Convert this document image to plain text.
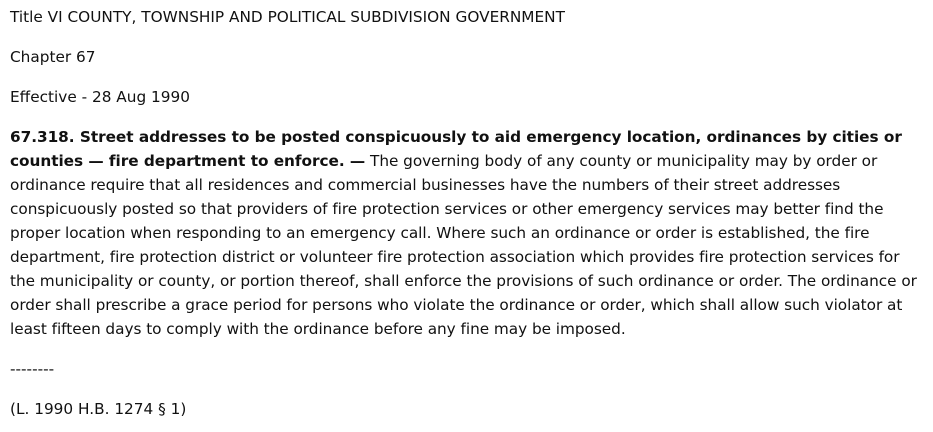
Title VI COUNTY, TOWNSHIP AND POLITICAL SUBDIVISION GOVERNMENT
Chapter 67
Effective - 28 Aug 1990
67.318. Street addresses to be posted conspicuously to aid emergency location, ordinances by cities or counties — fire department to enforce. — The governing body of any county or municipality may by order or ordinance require that all residences and commercial businesses have the numbers of their street addresses conspicuously posted so that providers of fire protection services or other emergency services may better find the proper location when responding to an emergency call. Where such an ordinance or order is established, the fire department, fire protection district or volunteer fire protection association which provides fire protection services for the municipality or county, or portion thereof, shall enforce the provisions of such ordinance or order. The ordinance or order shall prescribe a grace period for persons who violate the ordinance or order, which shall allow such violator at least fifteen days to comply with the ordinance before any fine may be imposed.
--------
(L. 1990 H.B. 1274 § 1)
